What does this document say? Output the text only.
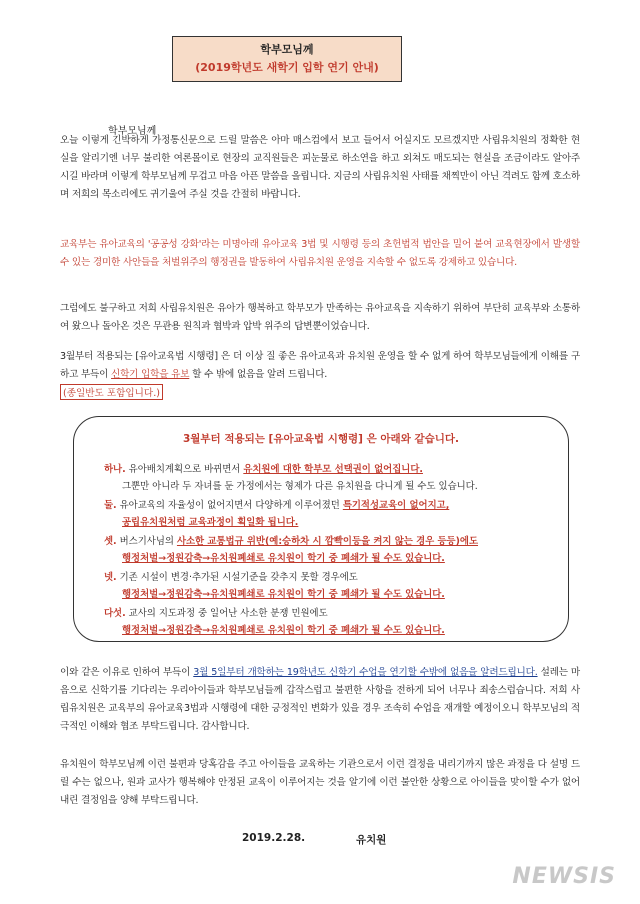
학부모님께
(2019학년도 새학기 입학 연기 안내)
학부모님께

오늘 이렇게 긴박하게 가정통신문으로 드릴 말씀은 아마 매스컴에서 보고 들어서 어실지도 모르겠지만 사립유치원의 정확한 현실을 알리기엔 너무 불리한 여론몰이로 현장의 교직원들은 피눈물로 하소연을 하고 외쳐도 매도되는 현실을 조금이라도 알아주시길 바라며 이렇게 학부모님께 무겁고 마음 아픈 말씀을 올립니다. 지금의 사립유치원 사태를 채찍만이 아닌 격려도 함께 호소하며 저희의 목소리에도 귀기울여 주실 것을 간절히 바랍니다.

교육부는 유아교육의 '공공성 강화'라는 미명아래 유아교육 3법 및 시행령 등의 초헌법적 법안을 밀어 붙여 교육현장에서 발생할 수 있는 경미한 사안들을 처벌위주의 행정권을 발동하여 사립유치원 운영을 지속할 수 없도록 강제하고 있습니다.

그럼에도 불구하고 저희 사립유치원은 유아가 행복하고 학부모가 만족하는 유아교육을 지속하기 위하여 부단히 교육부와 소통하여 왔으나 돌아온 것은 무관용 원칙과 협박과 압박 위주의 답변뿐이었습니다.

3월부터 적용되는 [유아교육법 시행령] 은 더 이상 질 좋은 유아교육과 유치원 운영을 할 수 없게 하여 학부모님들에게 이해를 구하고 부득이 신학기 입학을 유보 할 수 밖에 없음을 알려 드립니다.

(종일반도 포함입니다.)
3월부터 적용되는 [유아교육법 시행령] 은 아래와 같습니다.
하나. 유아배치계획으로 바뀌면서 유치원에 대한 학부모 선택권이 없어집니다.
그뿐만 아니라 두 자녀를 둔 가정에서는 형제가 다른 유치원을 다니게 될 수도 있습니다.
둘. 유아교육의 자율성이 없어지면서 다양하게 이루어졌던 특기적성교육이 없어지고,
공립유치원처럼 교육과정이 획일화 됩니다.
셋. 버스기사님의 사소한 교통법규 위반(예:승하차 시 깜빡이등을 켜지 않는 경우 등등)에도
행정처벌→정원감축→유치원폐쇄로 유치원이 학기 중 폐쇄가 될 수도 있습니다.
넷. 기존 시설이 변경·추가된 시설기준을 갖추지 못할 경우에도
행정처벌→정원감축→유치원폐쇄로 유치원이 학기 중 폐쇄가 될 수도 있습니다.
다섯. 교사의 지도과정 중 일어난 사소한 분쟁 민원에도
행정처벌→정원감축→유치원폐쇄로 유치원이 학기 중 폐쇄가 될 수도 있습니다.

이와 같은 이유로 인하여 부득이 3월 5일부터 개학하는 19학년도 신학기 수업을 연기할 수밖에 없음을 알려드립니다. 설레는 마음으로 신학기를 기다리는 우리아이들과 학부모님들께 갑작스럽고 불편한 사항을 전하게 되어 너무나 죄송스럽습니다. 저희 사립유치원은 교육부의 유아교육3법과 시행령에 대한 긍정적인 변화가 있을 경우 조속히 수업을 재개할 예정이오니 학부모님의 적극적인 이해와 협조 부탁드립니다. 감사합니다.

유치원이 학부모님께 이런 불편과 당혹감을 주고 아이들을 교육하는 기관으로서 이런 결정을 내리기까지 많은 과정을 다 설명 드릴 수는 없으나, 원과 교사가 행복해야 안정된 교육이 이루어지는 것을 알기에 이런 불안한 상황으로 아이들을 맞이할 수가 없어 내린 결정임을 양해 부탁드립니다.

2019.2.28.	유치원
NEWSIS
